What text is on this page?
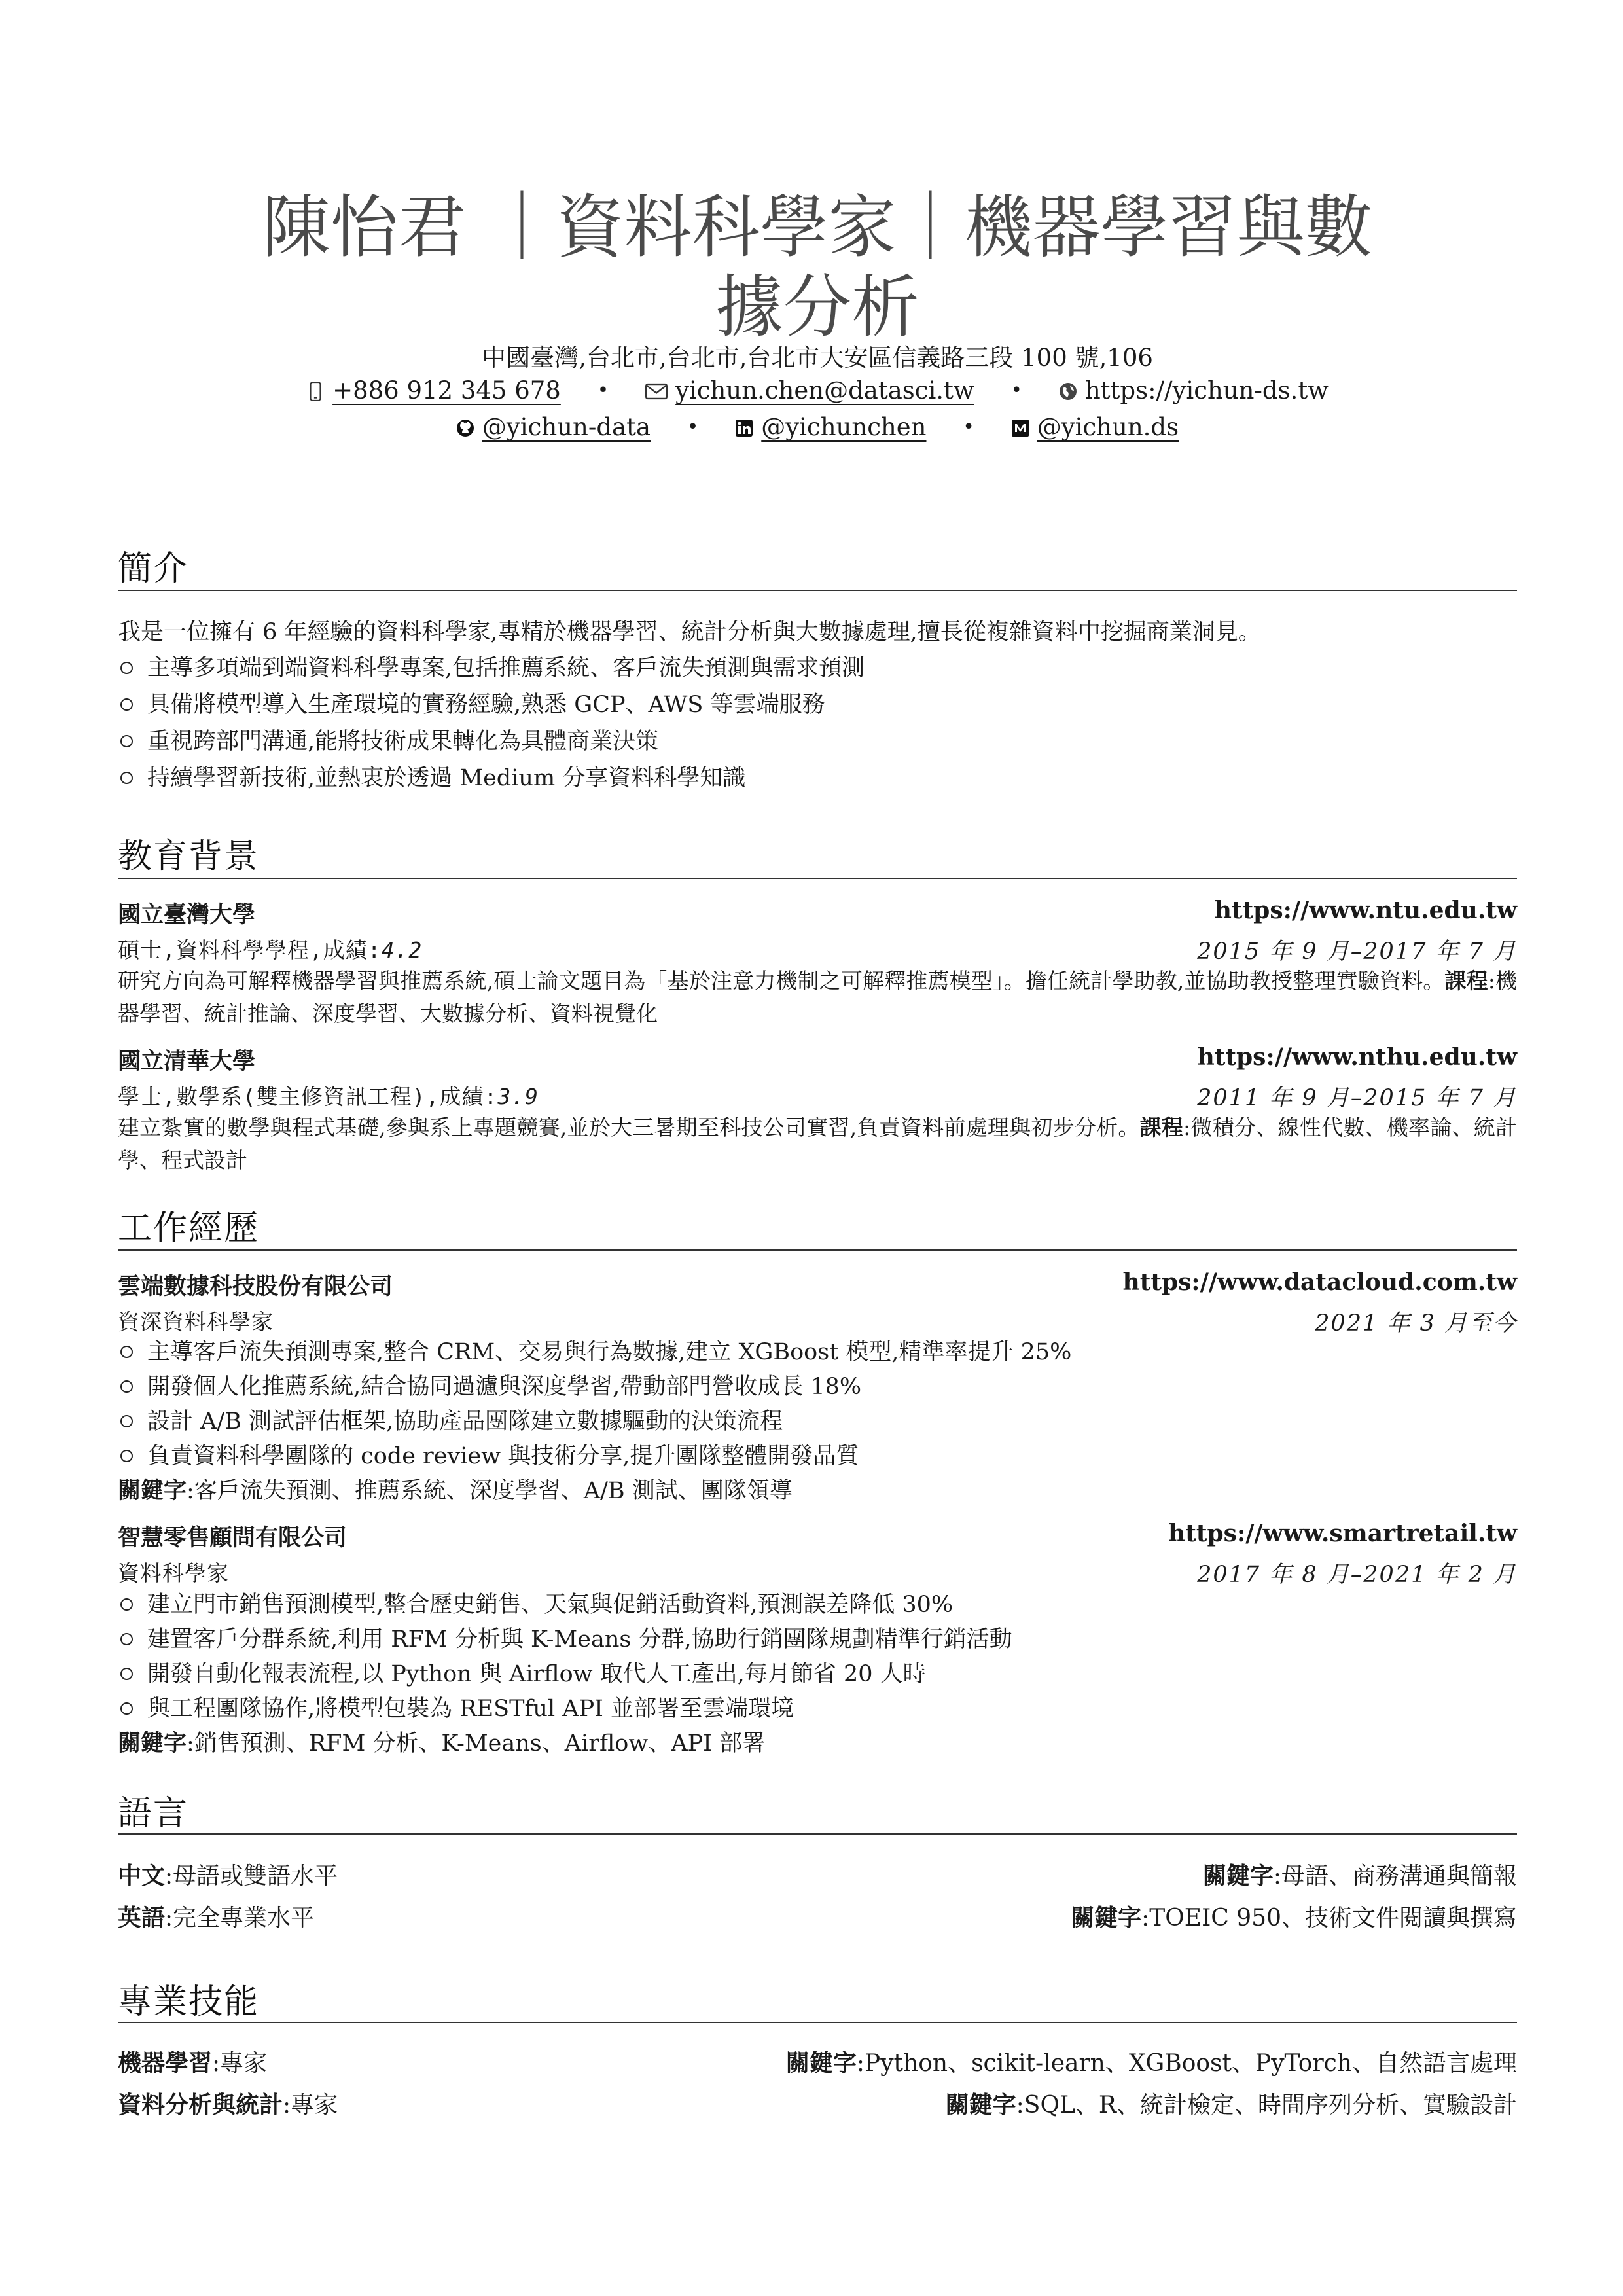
陳怡君 ｜資料科學家｜機器學習與數
據分析
中國臺灣,台北市,台北市,台北市大安區信義路三段 100 號,106
+886 912 345 678 •	yichun.chen@datasci.tw •	https://yichun-ds.tw
@yichun-data •	@yichunchen •	@yichun.ds
簡介
我是一位擁有 6 年經驗的資料科學家,專精於機器學習、統計分析與大數據處理,擅長從複雜資料中挖掘商業洞見。
主導多項端到端資料科學專案,包括推薦系統、客戶流失預測與需求預測
具備將模型導入生產環境的實務經驗,熟悉 GCP、AWS 等雲端服務
重視跨部門溝通,能將技術成果轉化為具體商業決策
持續學習新技術,並熱衷於透過 Medium 分享資料科學知識
教育背景
國立臺灣大學	https://www.ntu.edu.tw
碩士,資料科學學程,成績:4.2	2015 年 9 月–2017 年 7 月
研究方向為可解釋機器學習與推薦系統,碩士論文題目為「基於注意力機制之可解釋推薦模型」。擔任統計學助教,並協助教授整理實驗資料。課程:機器學習、統計推論、深度學習、大數據分析、資料視覺化
國立清華大學	https://www.nthu.edu.tw
學士,數學系(雙主修資訊工程),成績:3.9	2011 年 9 月–2015 年 7 月
建立紮實的數學與程式基礎,參與系上專題競賽,並於大三暑期至科技公司實習,負責資料前處理與初步分析。課程:微積分、線性代數、機率論、統計學、程式設計
工作經歷
雲端數據科技股份有限公司	https://www.datacloud.com.tw
資深資料科學家	2021 年 3 月至今
主導客戶流失預測專案,整合 CRM、交易與行為數據,建立 XGBoost 模型,精準率提升 25%
開發個人化推薦系統,結合協同過濾與深度學習,帶動部門營收成長 18%
設計 A/B 測試評估框架,協助產品團隊建立數據驅動的決策流程
負責資料科學團隊的 code review 與技術分享,提升團隊整體開發品質
關鍵字:客戶流失預測、推薦系統、深度學習、A/B 測試、團隊領導
智慧零售顧問有限公司	https://www.smartretail.tw
資料科學家	2017 年 8 月–2021 年 2 月
建立門市銷售預測模型,整合歷史銷售、天氣與促銷活動資料,預測誤差降低 30%
建置客戶分群系統,利用 RFM 分析與 K-Means 分群,協助行銷團隊規劃精準行銷活動
開發自動化報表流程,以 Python 與 Airflow 取代人工產出,每月節省 20 人時
與工程團隊協作,將模型包裝為 RESTful API 並部署至雲端環境
關鍵字:銷售預測、RFM 分析、K-Means、Airflow、API 部署
語言
中文:母語或雙語水平	關鍵字:母語、商務溝通與簡報
英語:完全專業水平	關鍵字:TOEIC 950、技術文件閱讀與撰寫
專業技能
機器學習:專家	關鍵字:Python、scikit-learn、XGBoost、PyTorch、自然語言處理
資料分析與統計:專家	關鍵字:SQL、R、統計檢定、時間序列分析、實驗設計
